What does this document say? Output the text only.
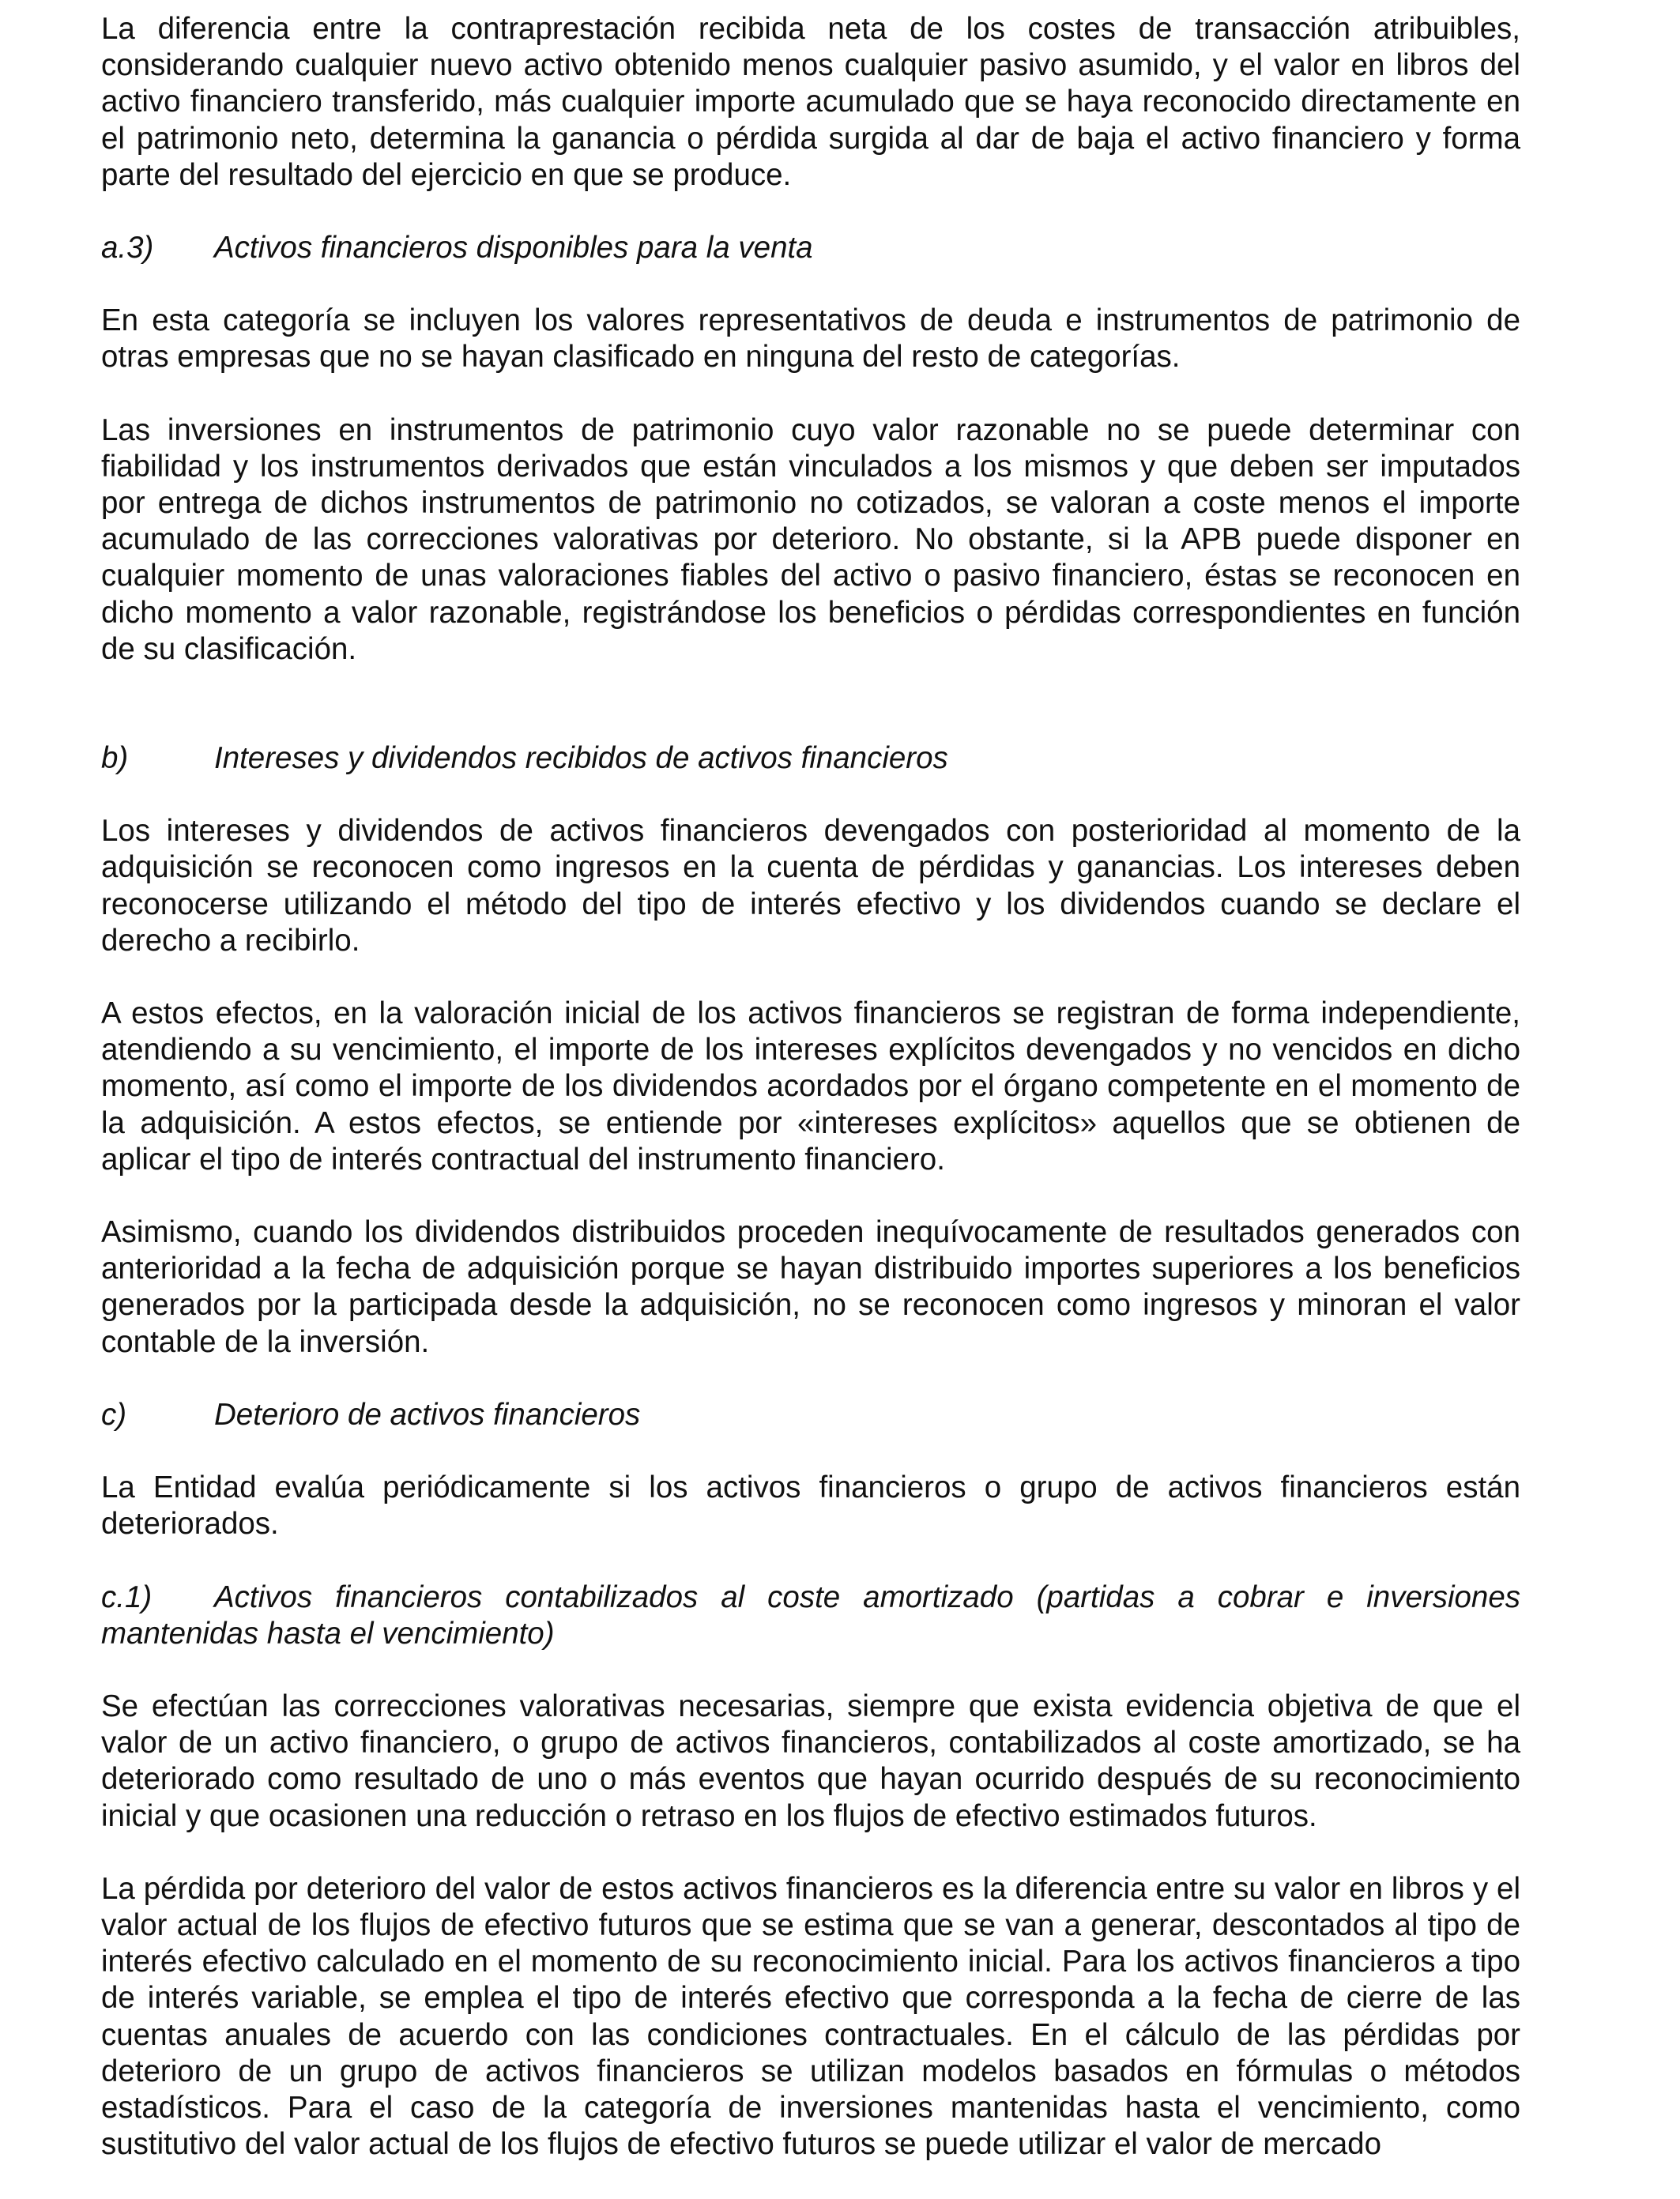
La diferencia entre la contraprestación recibida neta de los costes de transacción atribuibles, considerando cualquier nuevo activo obtenido menos cualquier pasivo asumido, y el valor en libros del activo financiero transferido, más cualquier importe acumulado que se haya reconocido directamente en el patrimonio neto, determina la ganancia o pérdida surgida al dar de baja el activo financiero y forma parte del resultado del ejercicio en que se produce.

a.3)	Activos financieros disponibles para la venta

En esta categoría se incluyen los valores representativos de deuda e instrumentos de patrimonio de otras empresas que no se hayan clasificado en ninguna del resto de categorías.

Las inversiones en instrumentos de patrimonio cuyo valor razonable no se puede determinar con fiabilidad y los instrumentos derivados que están vinculados a los mismos y que deben ser imputados por entrega de dichos instrumentos de patrimonio no cotizados, se valoran a coste menos el importe acumulado de las correcciones valorativas por deterioro. No obstante, si la APB puede disponer en cualquier momento de unas valoraciones fiables del activo o pasivo financiero, éstas se reconocen en dicho momento a valor razonable, registrándose los beneficios o pérdidas correspondientes en función de su clasificación.

b)	Intereses y dividendos recibidos de activos financieros

Los intereses y dividendos de activos financieros devengados con posterioridad al momento de la adquisición se reconocen como ingresos en la cuenta de pérdidas y ganancias. Los intereses deben reconocerse utilizando el método del tipo de interés efectivo y los dividendos cuando se declare el derecho a recibirlo.

A estos efectos, en la valoración inicial de los activos financieros se registran de forma independiente, atendiendo a su vencimiento, el importe de los intereses explícitos devengados y no vencidos en dicho momento, así como el importe de los dividendos acordados por el órgano competente en el momento de la adquisición. A estos efectos, se entiende por «intereses explícitos» aquellos que se obtienen de aplicar el tipo de interés contractual del instrumento financiero.

Asimismo, cuando los dividendos distribuidos proceden inequívocamente de resultados generados con anterioridad a la fecha de adquisición porque se hayan distribuido importes superiores a los beneficios generados por la participada desde la adquisición, no se reconocen como ingresos y minoran el valor contable de la inversión.

c)	Deterioro de activos financieros

La Entidad evalúa periódicamente si los activos financieros o grupo de activos financieros están deteriorados.

c.1) Activos financieros contabilizados al coste amortizado (partidas a cobrar e inversiones mantenidas hasta el vencimiento)

Se efectúan las correcciones valorativas necesarias, siempre que exista evidencia objetiva de que el valor de un activo financiero, o grupo de activos financieros, contabilizados al coste amortizado, se ha deteriorado como resultado de uno o más eventos que hayan ocurrido después de su reconocimiento inicial y que ocasionen una reducción o retraso en los flujos de efectivo estimados futuros.

La pérdida por deterioro del valor de estos activos financieros es la diferencia entre su valor en libros y el valor actual de los flujos de efectivo futuros que se estima que se van a generar, descontados al tipo de interés efectivo calculado en el momento de su reconocimiento inicial. Para los activos financieros a tipo de interés variable, se emplea el tipo de interés efectivo que corresponda a la fecha de cierre de las cuentas anuales de acuerdo con las condiciones contractuales. En el cálculo de las pérdidas por deterioro de un grupo de activos financieros se utilizan modelos basados en fórmulas o métodos estadísticos. Para el caso de la categoría de inversiones mantenidas hasta el vencimiento, como sustitutivo del valor actual de los flujos de efectivo futuros se puede utilizar el valor de mercado
